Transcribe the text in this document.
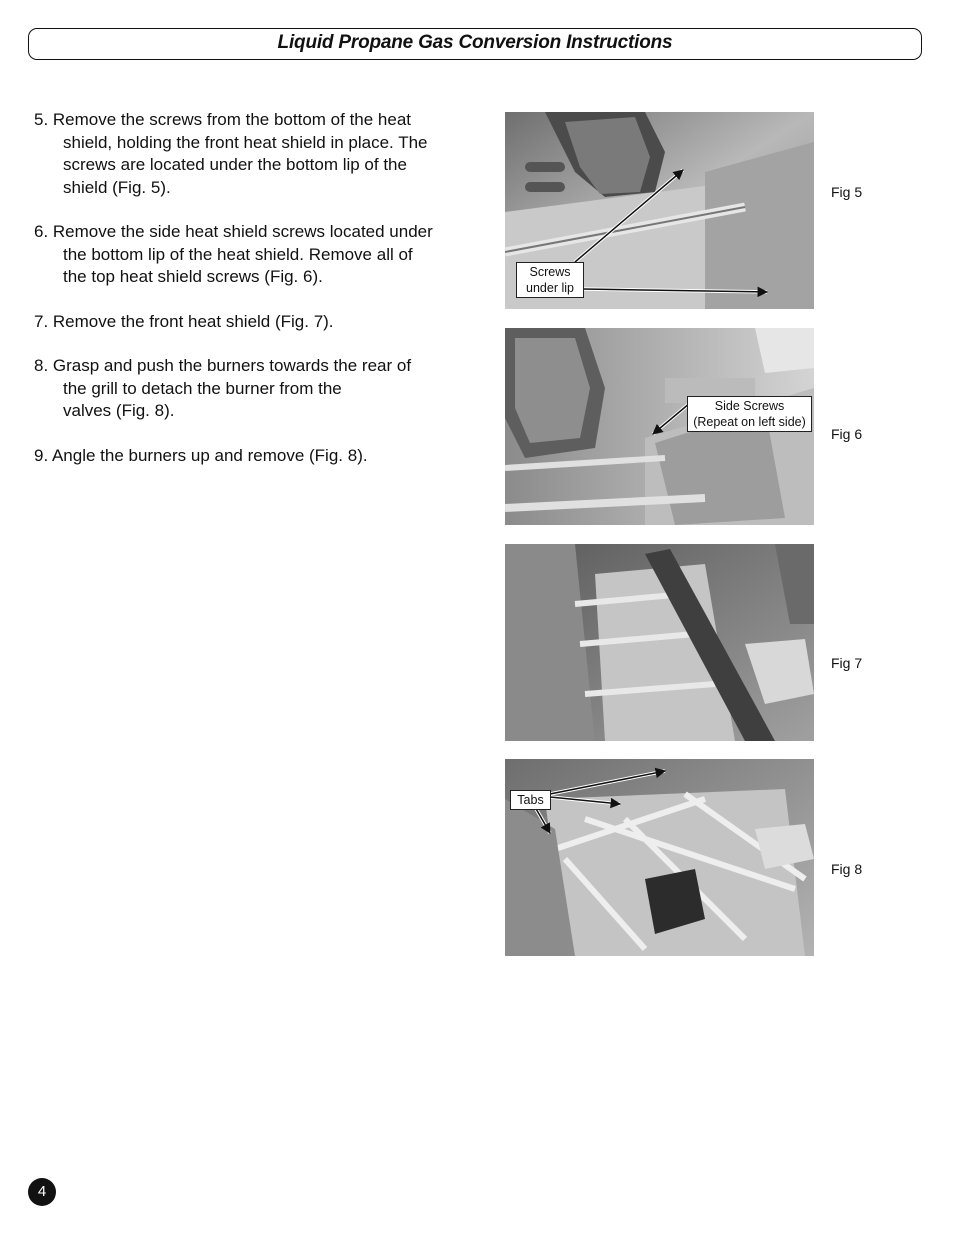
Liquid Propane Gas Conversion Instructions
5. Remove the screws from the bottom of the heat
shield, holding the front heat shield in place. The
screws are located under the bottom lip of the
shield (Fig. 5).
6. Remove the side heat shield screws located under
the bottom lip of the heat shield. Remove all of
the top heat shield screws (Fig. 6).
7. Remove the front heat shield (Fig. 7).
8. Grasp and push the burners towards the rear of
the grill to detach the burner from the
valves (Fig. 8).
9. Angle the burners up and remove (Fig. 8).
Screws
under lip
Fig 5
Side Screws
(Repeat on left side)
Fig 6
Fig 7
Tabs
Fig 8
4
